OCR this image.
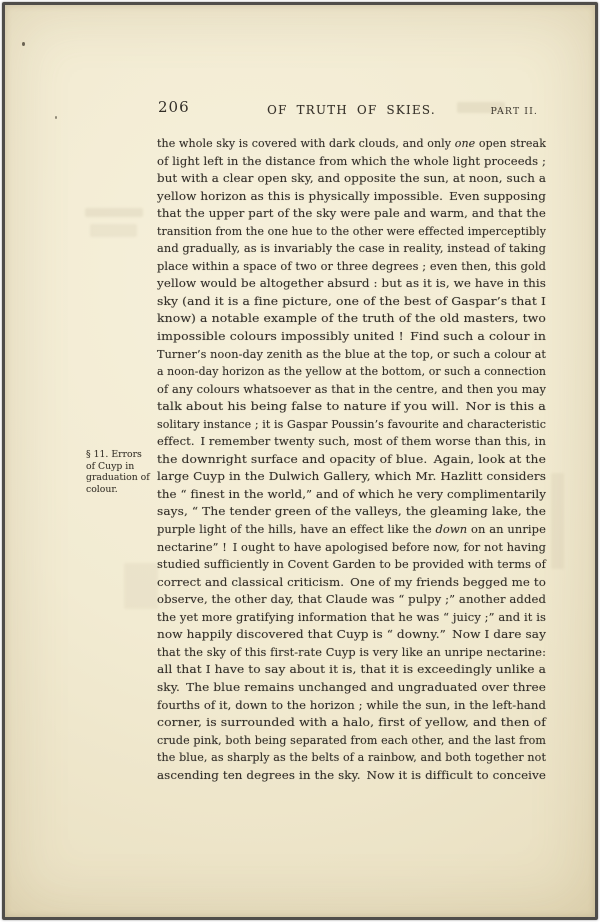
206	OF TRUTH OF SKIES.	PART II.
§ 11. Errors
of Cuyp in
graduation of
colour.
the whole sky is covered with dark clouds, and only one open streak
of light left in the distance from which the whole light proceeds ;
but with a clear open sky, and opposite the sun, at noon, such a
yellow horizon as this is physically impossible. Even supposing
that the upper part of the sky were pale and warm, and that the
transition from the one hue to the other were effected imperceptibly
and gradually, as is invariably the case in reality, instead of taking
place within a space of two or three degrees ; even then, this gold
yellow would be altogether absurd : but as it is, we have in this
sky (and it is a fine picture, one of the best of Gaspar’s that I
know) a notable example of the truth of the old masters, two
impossible colours impossibly united ! Find such a colour in
Turner’s noon-day zenith as the blue at the top, or such a colour at
a noon-day horizon as the yellow at the bottom, or such a connection
of any colours whatsoever as that in the centre, and then you may
talk about his being false to nature if you will. Nor is this a
solitary instance ; it is Gaspar Poussin’s favourite and characteristic
effect. I remember twenty such, most of them worse than this, in
the downright surface and opacity of blue. Again, look at the
large Cuyp in the Dulwich Gallery, which Mr. Hazlitt considers
the “ finest in the world,” and of which he very complimentarily
says, “ The tender green of the valleys, the gleaming lake, the
purple light of the hills, have an effect like the down on an unripe
nectarine” ! I ought to have apologised before now, for not having
studied sufficiently in Covent Garden to be provided with terms of
correct and classical criticism. One of my friends begged me to
observe, the other day, that Claude was “ pulpy ;” another added
the yet more gratifying information that he was “ juicy ;” and it is
now happily discovered that Cuyp is “ downy.” Now I dare say
that the sky of this first-rate Cuyp is very like an unripe nectarine:
all that I have to say about it is, that it is exceedingly unlike a
sky. The blue remains unchanged and ungraduated over three
fourths of it, down to the horizon ; while the sun, in the left-hand
corner, is surrounded with a halo, first of yellow, and then of
crude pink, both being separated from each other, and the last from
the blue, as sharply as the belts of a rainbow, and both together not
ascending ten degrees in the sky. Now it is difficult to conceive
